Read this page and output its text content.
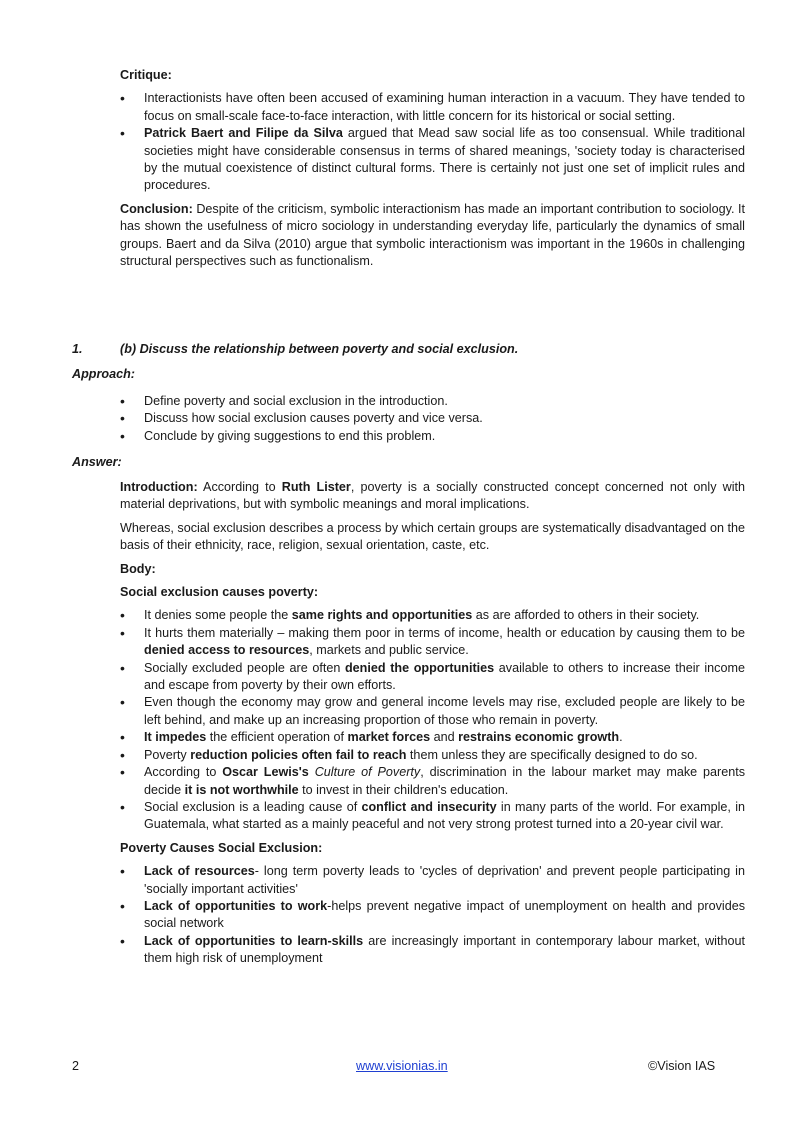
Critique:
• Interactionists have often been accused of examining human interaction in a vacuum. They have tended to focus on small-scale face-to-face interaction, with little concern for its historical or social setting.
• Patrick Baert and Filipe da Silva argued that Mead saw social life as too consensual. While traditional societies might have considerable consensus in terms of shared meanings, 'society today is characterised by the mutual coexistence of distinct cultural forms. There is certainly not just one set of implicit rules and procedures.

Conclusion: Despite of the criticism, symbolic interactionism has made an important contribution to sociology. It has shown the usefulness of micro sociology in understanding everyday life, particularly the dynamics of small groups. Baert and da Silva (2010) argue that symbolic interactionism was important in the 1960s in challenging structural perspectives such as functionalism.

1.	(b) Discuss the relationship between poverty and social exclusion.
Approach:
• Define poverty and social exclusion in the introduction.
• Discuss how social exclusion causes poverty and vice versa.
• Conclude by giving suggestions to end this problem.
Answer:

Introduction: According to Ruth Lister, poverty is a socially constructed concept concerned not only with material deprivations, but with symbolic meanings and moral implications.

Whereas, social exclusion describes a process by which certain groups are systematically disadvantaged on the basis of their ethnicity, race, religion, sexual orientation, caste, etc.

Body:
Social exclusion causes poverty:
• It denies some people the same rights and opportunities as are afforded to others in their society.
• It hurts them materially – making them poor in terms of income, health or education by causing them to be denied access to resources, markets and public service.
• Socially excluded people are often denied the opportunities available to others to increase their income and escape from poverty by their own efforts.
• Even though the economy may grow and general income levels may rise, excluded people are likely to be left behind, and make up an increasing proportion of those who remain in poverty.
• It impedes the efficient operation of market forces and restrains economic growth.
• Poverty reduction policies often fail to reach them unless they are specifically designed to do so.
• According to Oscar Lewis's Culture of Poverty, discrimination in the labour market may make parents decide it is not worthwhile to invest in their children's education.
• Social exclusion is a leading cause of conflict and insecurity in many parts of the world. For example, in Guatemala, what started as a mainly peaceful and not very strong protest turned into a 20-year civil war.
Poverty Causes Social Exclusion:
• Lack of resources- long term poverty leads to 'cycles of deprivation' and prevent people participating in 'socially important activities'
• Lack of opportunities to work-helps prevent negative impact of unemployment on health and provides social network
• Lack of opportunities to learn-skills are increasingly important in contemporary labour market, without them high risk of unemployment
2	www.visionias.in	©Vision IAS
